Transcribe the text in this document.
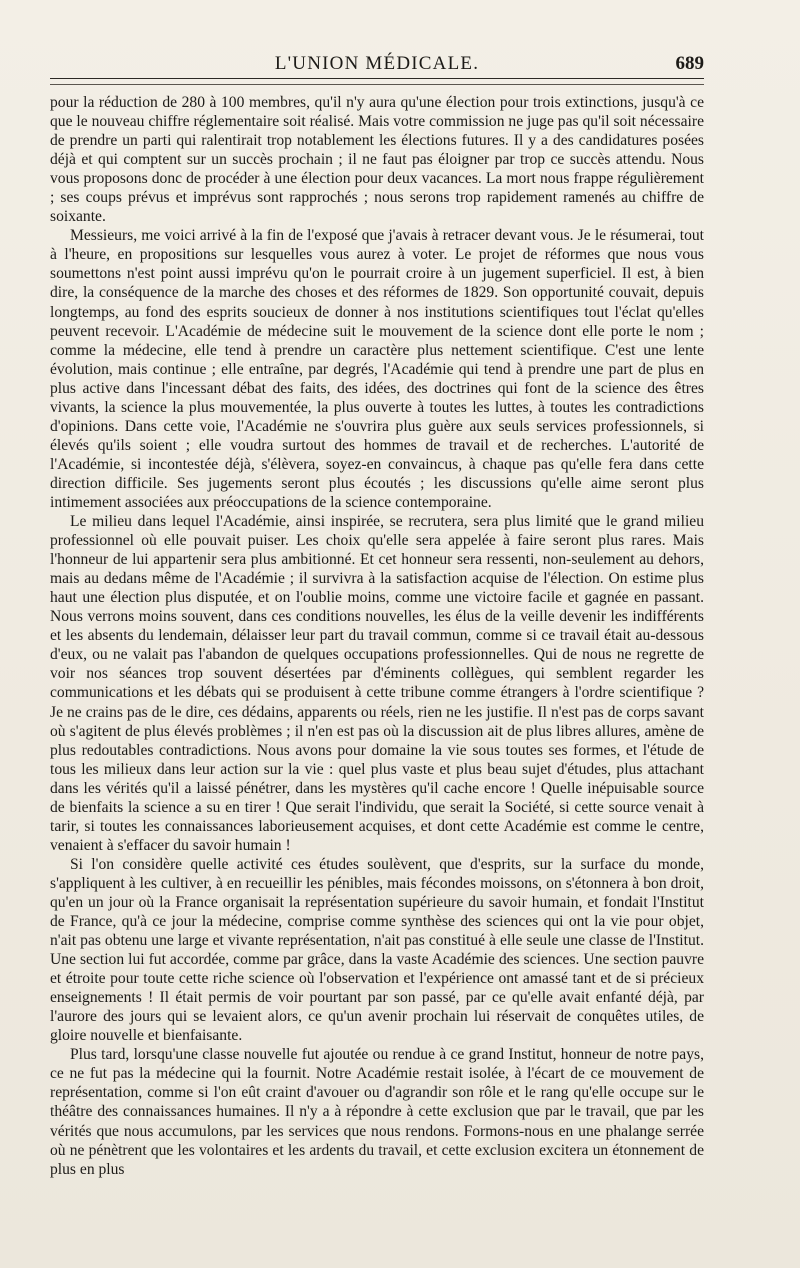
L'UNION MÉDICALE.	689

pour la réduction de 280 à 100 membres, qu'il n'y aura qu'une élection pour trois extinctions, jusqu'à ce que le nouveau chiffre réglementaire soit réalisé. Mais votre commission ne juge pas qu'il soit nécessaire de prendre un parti qui ralentirait trop notablement les élections futures. Il y a des candidatures posées déjà et qui comptent sur un succès prochain ; il ne faut pas éloigner par trop ce succès attendu. Nous vous proposons donc de procéder à une élection pour deux vacances. La mort nous frappe régulièrement ; ses coups prévus et imprévus sont rapprochés ; nous serons trop rapidement ramenés au chiffre de soixante.

Messieurs, me voici arrivé à la fin de l'exposé que j'avais à retracer devant vous. Je le résumerai, tout à l'heure, en propositions sur lesquelles vous aurez à voter. Le projet de réformes que nous vous soumettons n'est point aussi imprévu qu'on le pourrait croire à un jugement superficiel. Il est, à bien dire, la conséquence de la marche des choses et des réformes de 1829. Son opportunité couvait, depuis longtemps, au fond des esprits soucieux de donner à nos institutions scientifiques tout l'éclat qu'elles peuvent recevoir. L'Académie de médecine suit le mouvement de la science dont elle porte le nom ; comme la médecine, elle tend à prendre un caractère plus nettement scientifique. C'est une lente évolution, mais continue ; elle entraîne, par degrés, l'Académie qui tend à prendre une part de plus en plus active dans l'incessant débat des faits, des idées, des doctrines qui font de la science des êtres vivants, la science la plus mouvementée, la plus ouverte à toutes les luttes, à toutes les contradictions d'opinions. Dans cette voie, l'Académie ne s'ouvrira plus guère aux seuls services professionnels, si élevés qu'ils soient ; elle voudra surtout des hommes de travail et de recherches. L'autorité de l'Académie, si incontestée déjà, s'élèvera, soyez-en convaincus, à chaque pas qu'elle fera dans cette direction difficile. Ses jugements seront plus écoutés ; les discussions qu'elle aime seront plus intimement associées aux préoccupations de la science contemporaine.

Le milieu dans lequel l'Académie, ainsi inspirée, se recrutera, sera plus limité que le grand milieu professionnel où elle pouvait puiser. Les choix qu'elle sera appelée à faire seront plus rares. Mais l'honneur de lui appartenir sera plus ambitionné. Et cet honneur sera ressenti, non-seulement au dehors, mais au dedans même de l'Académie ; il survivra à la satisfaction acquise de l'élection. On estime plus haut une élection plus disputée, et on l'oublie moins, comme une victoire facile et gagnée en passant. Nous verrons moins souvent, dans ces conditions nouvelles, les élus de la veille devenir les indifférents et les absents du lendemain, délaisser leur part du travail commun, comme si ce travail était au-dessous d'eux, ou ne valait pas l'abandon de quelques occupations professionnelles. Qui de nous ne regrette de voir nos séances trop souvent désertées par d'éminents collègues, qui semblent regarder les communications et les débats qui se produisent à cette tribune comme étrangers à l'ordre scientifique ? Je ne crains pas de le dire, ces dédains, apparents ou réels, rien ne les justifie. Il n'est pas de corps savant où s'agitent de plus élevés problèmes ; il n'en est pas où la discussion ait de plus libres allures, amène de plus redoutables contradictions. Nous avons pour domaine la vie sous toutes ses formes, et l'étude de tous les milieux dans leur action sur la vie : quel plus vaste et plus beau sujet d'études, plus attachant dans les vérités qu'il a laissé pénétrer, dans les mystères qu'il cache encore ! Quelle inépuisable source de bienfaits la science a su en tirer ! Que serait l'individu, que serait la Société, si cette source venait à tarir, si toutes les connaissances laborieusement acquises, et dont cette Académie est comme le centre, venaient à s'effacer du savoir humain !

Si l'on considère quelle activité ces études soulèvent, que d'esprits, sur la surface du monde, s'appliquent à les cultiver, à en recueillir les pénibles, mais fécondes moissons, on s'étonnera à bon droit, qu'en un jour où la France organisait la représentation supérieure du savoir humain, et fondait l'Institut de France, qu'à ce jour la médecine, comprise comme synthèse des sciences qui ont la vie pour objet, n'ait pas obtenu une large et vivante représentation, n'ait pas constitué à elle seule une classe de l'Institut. Une section lui fut accordée, comme par grâce, dans la vaste Académie des sciences. Une section pauvre et étroite pour toute cette riche science où l'observation et l'expérience ont amassé tant et de si précieux enseignements ! Il était permis de voir pourtant par son passé, par ce qu'elle avait enfanté déjà, par l'aurore des jours qui se levaient alors, ce qu'un avenir prochain lui réservait de conquêtes utiles, de gloire nouvelle et bienfaisante.

Plus tard, lorsqu'une classe nouvelle fut ajoutée ou rendue à ce grand Institut, honneur de notre pays, ce ne fut pas la médecine qui la fournit. Notre Académie restait isolée, à l'écart de ce mouvement de représentation, comme si l'on eût craint d'avouer ou d'agrandir son rôle et le rang qu'elle occupe sur le théâtre des connaissances humaines. Il n'y a à répondre à cette exclusion que par le travail, que par les vérités que nous accumulons, par les services que nous rendons. Formons-nous en une phalange serrée où ne pénètrent que les volontaires et les ardents du travail, et cette exclusion excitera un étonnement de plus en plus
